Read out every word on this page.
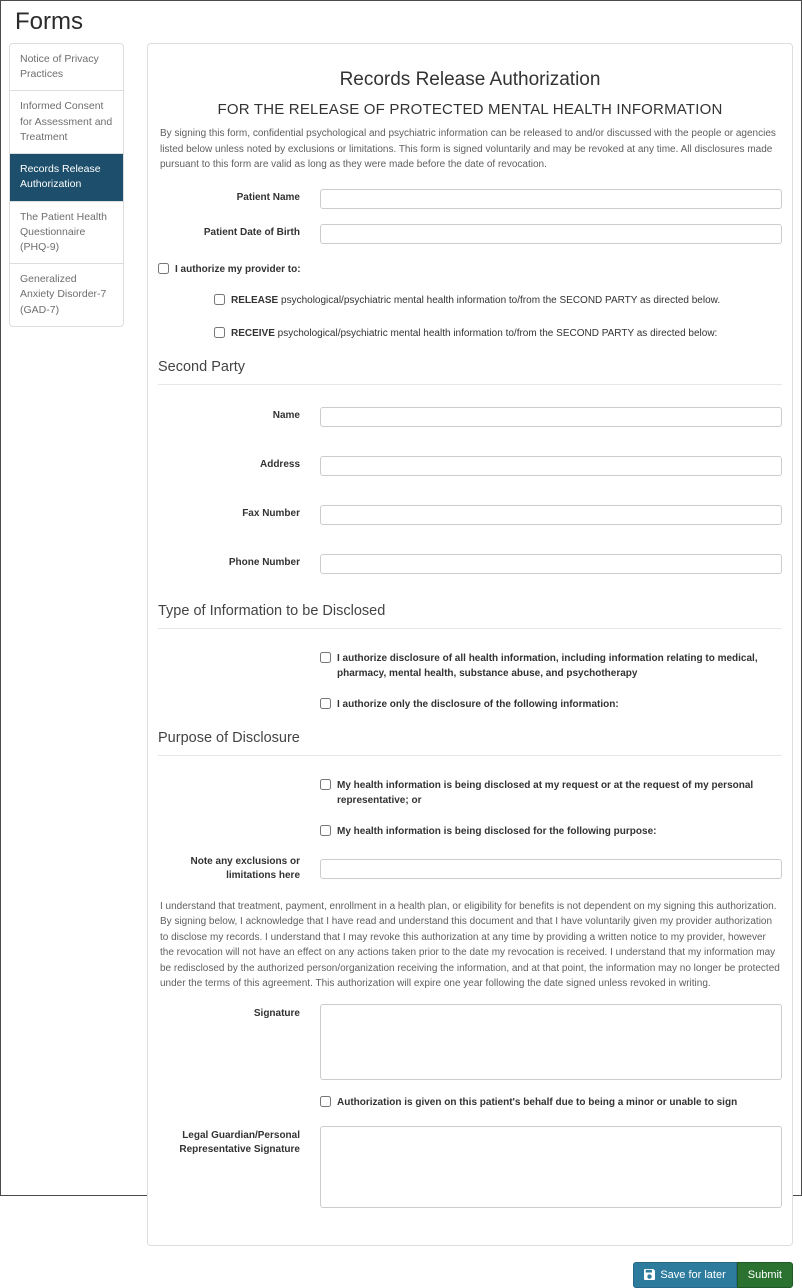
Forms
Notice of Privacy Practices
Informed Consent for Assessment and Treatment
Records Release Authorization
The Patient Health Questionnaire (PHQ-9)
Generalized Anxiety Disorder-7 (GAD-7)
Records Release Authorization
FOR THE RELEASE OF PROTECTED MENTAL HEALTH INFORMATION

By signing this form, confidential psychological and psychiatric information can be released to and/or discussed with the people or agencies listed below unless noted by exclusions or limitations. This form is signed voluntarily and may be revoked at any time. All disclosures made pursuant to this form are valid as long as they were made before the date of revocation.

Patient Name
Patient Date of Birth
I authorize my provider to:
RELEASE psychological/psychiatric mental health information to/from the SECOND PARTY as directed below.
RECEIVE psychological/psychiatric mental health information to/from the SECOND PARTY as directed below:
Second Party
Name
Address
Fax Number
Phone Number
Type of Information to be Disclosed
I authorize disclosure of all health information, including information relating to medical, pharmacy, mental health, substance abuse, and psychotherapy
I authorize only the disclosure of the following information:
Purpose of Disclosure
My health information is being disclosed at my request or at the request of my personal representative; or
My health information is being disclosed for the following purpose:
Note any exclusions or limitations here

I understand that treatment, payment, enrollment in a health plan, or eligibility for benefits is not dependent on my signing this authorization. By signing below, I acknowledge that I have read and understand this document and that I have voluntarily given my provider authorization to disclose my records. I understand that I may revoke this authorization at any time by providing a written notice to my provider, however the revocation will not have an effect on any actions taken prior to the date my revocation is received. I understand that my information may be redisclosed by the authorized person/organization receiving the information, and at that point, the information may no longer be protected under the terms of this agreement. This authorization will expire one year following the date signed unless revoked in writing.

Signature
Authorization is given on this patient's behalf due to being a minor or unable to sign
Legal Guardian/Personal Representative Signature
Save for later Submit
